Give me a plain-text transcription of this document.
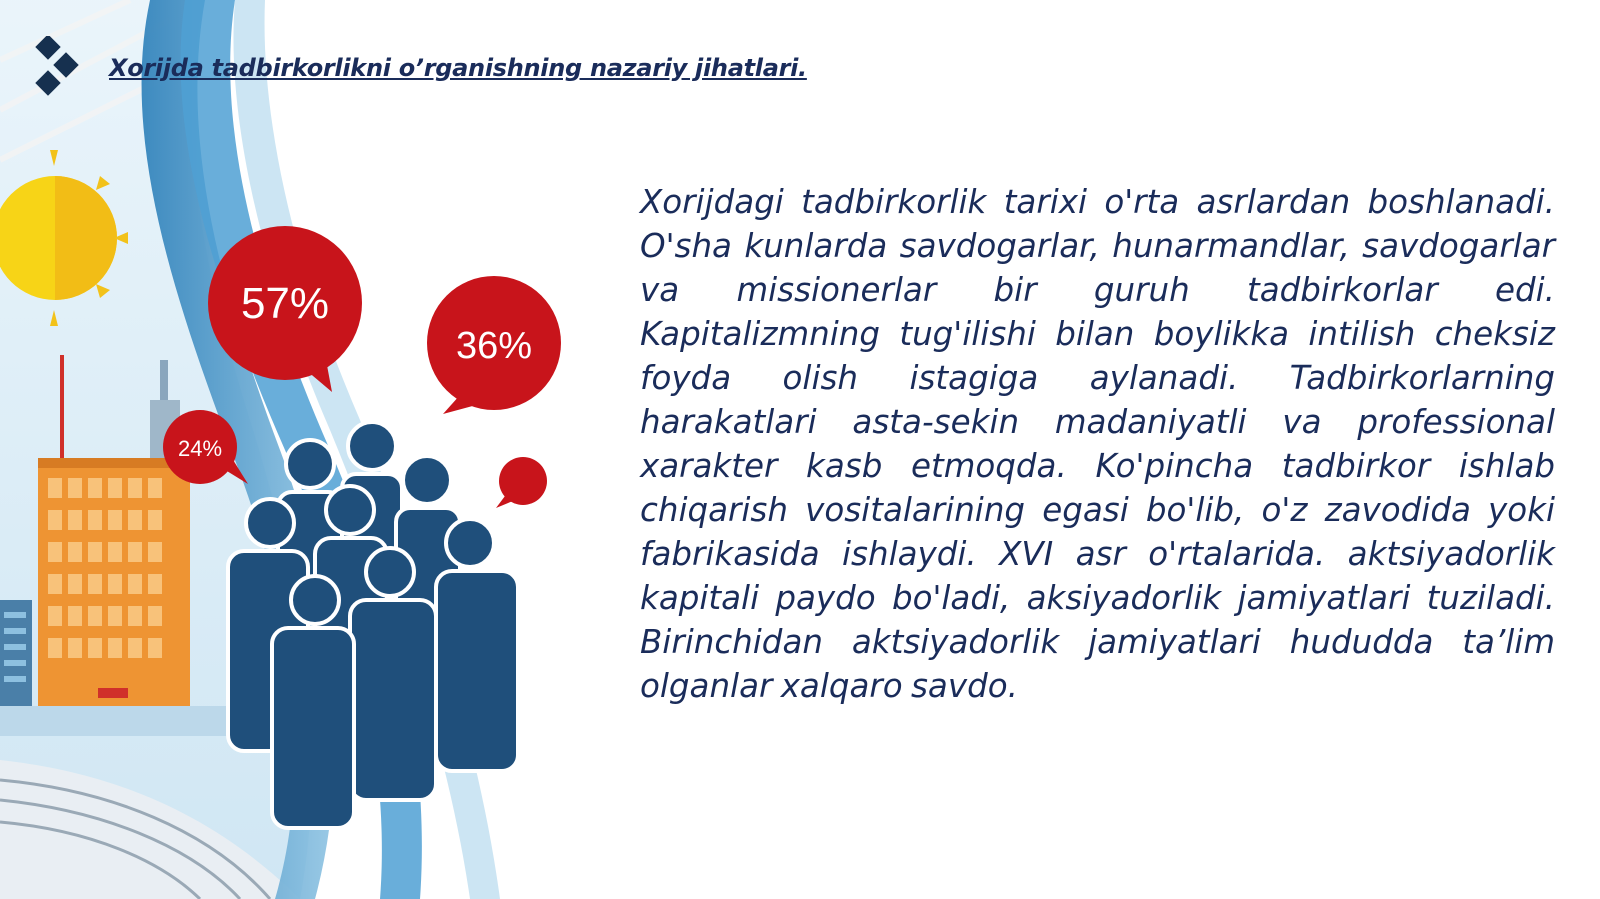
57%
36%
24%
Xorijda tadbirkorlikni o’rganishning nazariy jihatlari.

Xorijdagi tadbirkorlik tarixi o'rta asrlardan boshlanadi. O'sha kunlarda savdogarlar, hunarmandlar, savdogarlar va missionerlar bir guruh tadbirkorlar edi. Kapitalizmning tug'ilishi bilan boylikka intilish cheksiz foyda olish istagiga aylanadi. Tadbirkorlarning harakatlari asta-sekin madaniyatli va professional xarakter kasb etmoqda. Ko'pincha tadbirkor ishlab chiqarish vositalarining egasi bo'lib, o'z zavodida yoki fabrikasida ishlaydi. XVI asr o'rtalarida. aktsiyadorlik kapitali paydo bo'ladi, aksiyadorlik jamiyatlari tuziladi. Birinchidan aktsiyadorlik jamiyatlari hududda ta’lim olganlar xalqaro savdo.
